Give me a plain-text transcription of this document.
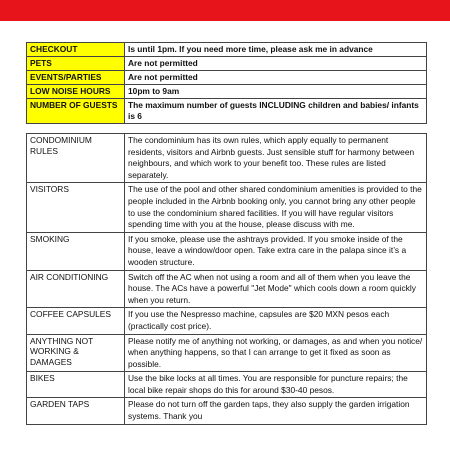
CHECKOUT	Is until 1pm. If you need more time, please ask me in advance
PETS	Are not permitted
EVENTS/PARTIES	Are not permitted
LOW NOISE HOURS	10pm to 9am
NUMBER OF GUESTS	The maximum number of guests INCLUDING children and babies/ infants is 6
CONDOMINIUM RULES	The condominium has its own rules, which apply equally to permanent residents, visitors and Airbnb guests. Just sensible stuff for harmony between neighbours, and which work to your benefit too. These rules are listed separately.
VISITORS	The use of the pool and other shared condominium amenities is provided to the people included in the Airbnb booking only, you cannot bring any other people to use the condominium shared facilities. If you will have regular visitors spending time with you at the house, please discuss with me.
SMOKING	If you smoke, please use the ashtrays provided. If you smoke inside of the house, leave a window/door open. Take extra care in the palapa since it’s a wooden structure.
AIR CONDITIONING	Switch off the AC when not using a room and all of them when you leave the house. The ACs have a powerful "Jet Mode" which cools down a room quickly when you return.
COFFEE CAPSULES	If you use the Nespresso machine, capsules are $20 MXN pesos each (practically cost price).
ANYTHING NOT WORKING & DAMAGES	Please notify me of anything not working, or damages, as and when you notice/ when anything happens, so that I can arrange to get it fixed as soon as possible.
BIKES	Use the bike locks at all times. You are responsible for puncture repairs; the local bike repair shops do this for around $30-40 pesos.
GARDEN TAPS	Please do not turn off the garden taps, they also supply the garden irrigation systems. Thank you
